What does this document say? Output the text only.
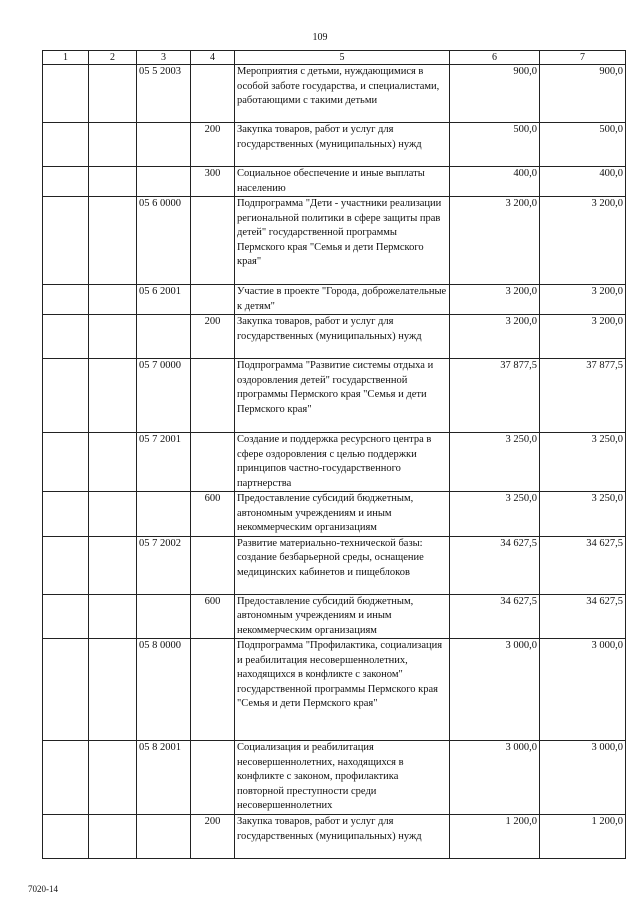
109
1	2	3	4	5	6	7
		05 5 2003		Мероприятия с детьми, нуждающимися в особой заботе государства, и специалистами, работающими с такими детьми	900,0	900,0
			200	Закупка товаров, работ и услуг для государственных (муниципальных) нужд	500,0	500,0
			300	Социальное обеспечение и иные выплаты населению	400,0	400,0
		05 6 0000		Подпрограмма "Дети - участники реализации региональной политики в сфере защиты прав детей" государственной программы Пермского края "Семья и дети Пермского края"	3 200,0	3 200,0
		05 6 2001		Участие в проекте "Города, доброжелательные к детям"	3 200,0	3 200,0
			200	Закупка товаров, работ и услуг для государственных (муниципальных) нужд	3 200,0	3 200,0
		05 7 0000		Подпрограмма "Развитие системы отдыха и оздоровления детей" государственной программы Пермского края "Семья и дети Пермского края"	37 877,5	37 877,5
		05 7 2001		Создание и поддержка ресурсного центра в сфере оздоровления с целью поддержки принципов частно-государственного партнерства	3 250,0	3 250,0
			600	Предоставление субсидий бюджетным, автономным учреждениям и иным некоммерческим организациям	3 250,0	3 250,0
		05 7 2002		Развитие материально-технической базы: создание безбарьерной среды, оснащение медицинских кабинетов и пищеблоков	34 627,5	34 627,5
			600	Предоставление субсидий бюджетным, автономным учреждениям и иным некоммерческим организациям	34 627,5	34 627,5
		05 8 0000		Подпрограмма "Профилактика, социализация и реабилитация несовершеннолетних, находящихся в конфликте с законом" государственной программы Пермского края "Семья и дети Пермского края"	3 000,0	3 000,0
		05 8 2001		Социализация и реабилитация несовершеннолетних, находящихся в конфликте с законом, профилактика повторной преступности среди несовершеннолетних	3 000,0	3 000,0
			200	Закупка товаров, работ и услуг для государственных (муниципальных) нужд	1 200,0	1 200,0
7020-14
